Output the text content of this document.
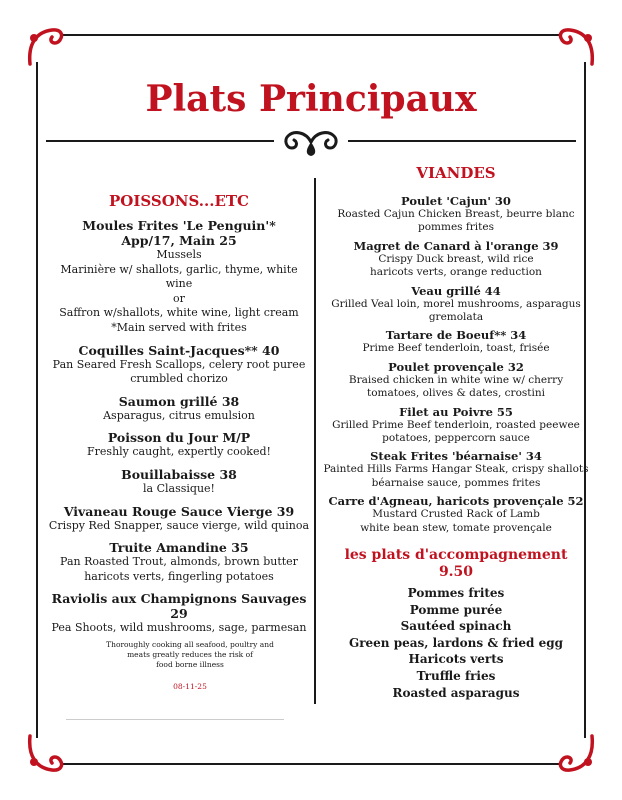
Plats Principaux
POISSONS...ETC
Moules Frites 'Le Penguin'*
App/17, Main 25
Mussels
Marinière w/ shallots, garlic, thyme, white wine
or
Saffron w/shallots, white wine, light cream
*Main served with frites
Coquilles Saint-Jacques** 40
Pan Seared Fresh Scallops, celery root puree
crumbled chorizo
Saumon grillé 38
Asparagus, citrus emulsion
Poisson du Jour M/P
Freshly caught, expertly cooked!
Bouillabaisse 38
la Classique!
Vivaneau Rouge Sauce Vierge 39
Crispy Red Snapper, sauce vierge, wild quinoa
Truite Amandine 35
Pan Roasted Trout, almonds, brown butter
haricots verts, fingerling potatoes
Raviolis aux Champignons Sauvages 29
Pea Shoots, wild mushrooms, sage, parmesan
Thoroughly cooking all seafood, poultry and
meats greatly reduces the risk of
food borne illness
08-11-25
VIANDES
Poulet 'Cajun' 30
Roasted Cajun Chicken Breast, beurre blanc
pommes frites
Magret de Canard à l'orange 39
Crispy Duck breast, wild rice
haricots verts, orange reduction
Veau grillé 44
Grilled Veal loin, morel mushrooms, asparagus
gremolata
Tartare de Boeuf** 34
Prime Beef tenderloin, toast, frisée
Poulet provençale 32
Braised chicken in white wine w/ cherry
tomatoes, olives & dates, crostini
Filet au Poivre 55
Grilled Prime Beef tenderloin, roasted peewee
potatoes, peppercorn sauce
Steak Frites 'béarnaise' 34
Painted Hills Farms Hangar Steak, crispy shallots
béarnaise sauce, pommes frites
Carre d'Agneau, haricots provençale 52
Mustard Crusted Rack of Lamb
white bean stew, tomate provençale
les plats d'accompagnement
9.50
Pommes frites
Pomme purée
Sautéed spinach
Green peas, lardons & fried egg
Haricots verts
Truffle fries
Roasted asparagus
